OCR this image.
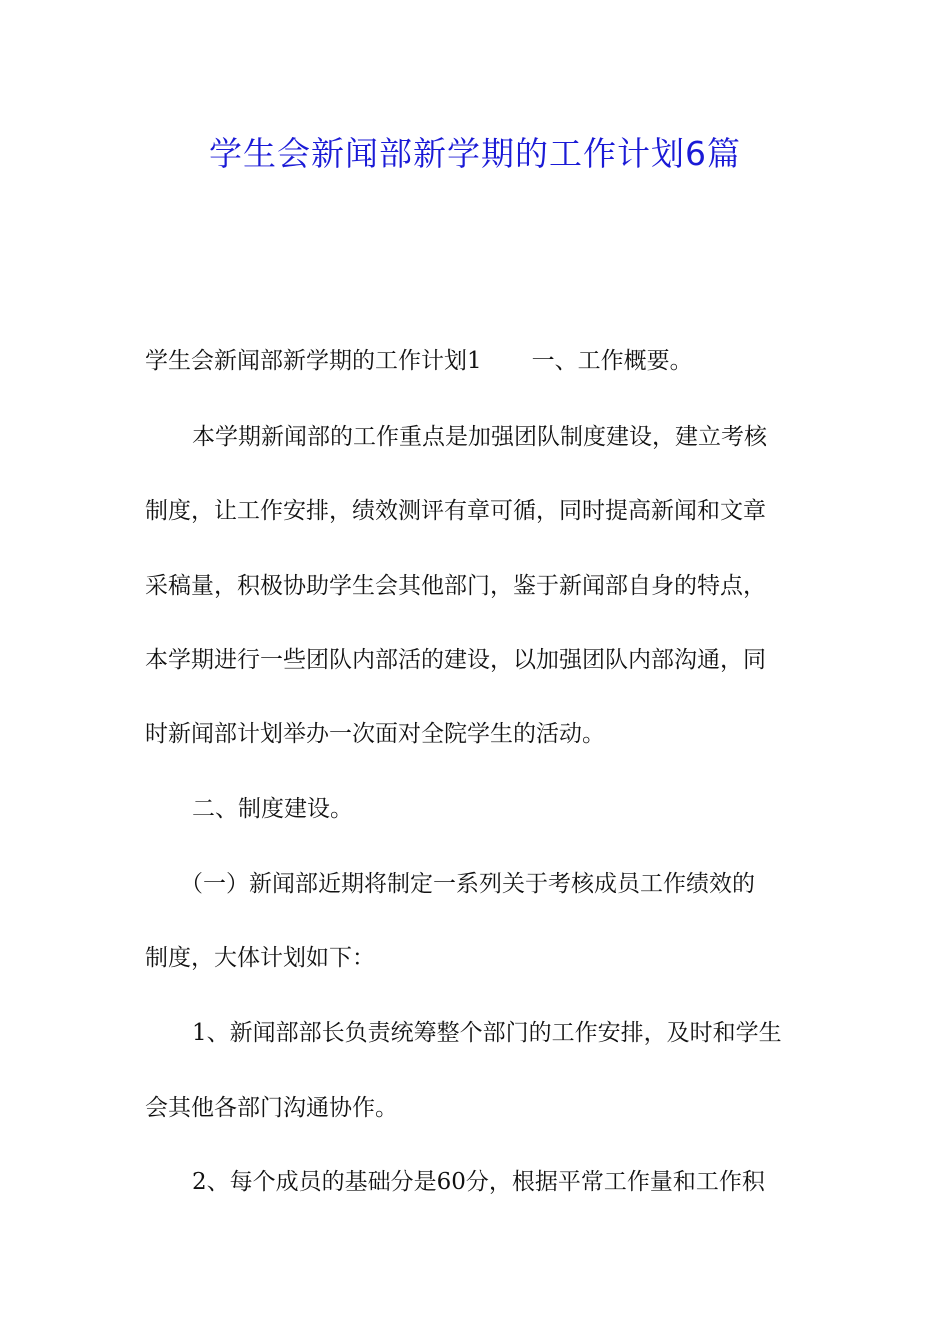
学生会新闻部新学期的工作计划6篇
学生会新闻部新学期的工作计划1 一、工作概要。
本学期新闻部的工作重点是加强团队制度建设，建立考核
制度，让工作安排，绩效测评有章可循，同时提高新闻和文章
采稿量，积极协助学生会其他部门，鉴于新闻部自身的特点，
本学期进行一些团队内部活的建设，以加强团队内部沟通，同
时新闻部计划举办一次面对全院学生的活动。
二、制度建设。
（一）新闻部近期将制定一系列关于考核成员工作绩效的
制度，大体计划如下：
1、新闻部部长负责统筹整个部门的工作安排，及时和学生
会其他各部门沟通协作。
2、每个成员的基础分是60分，根据平常工作量和工作积
